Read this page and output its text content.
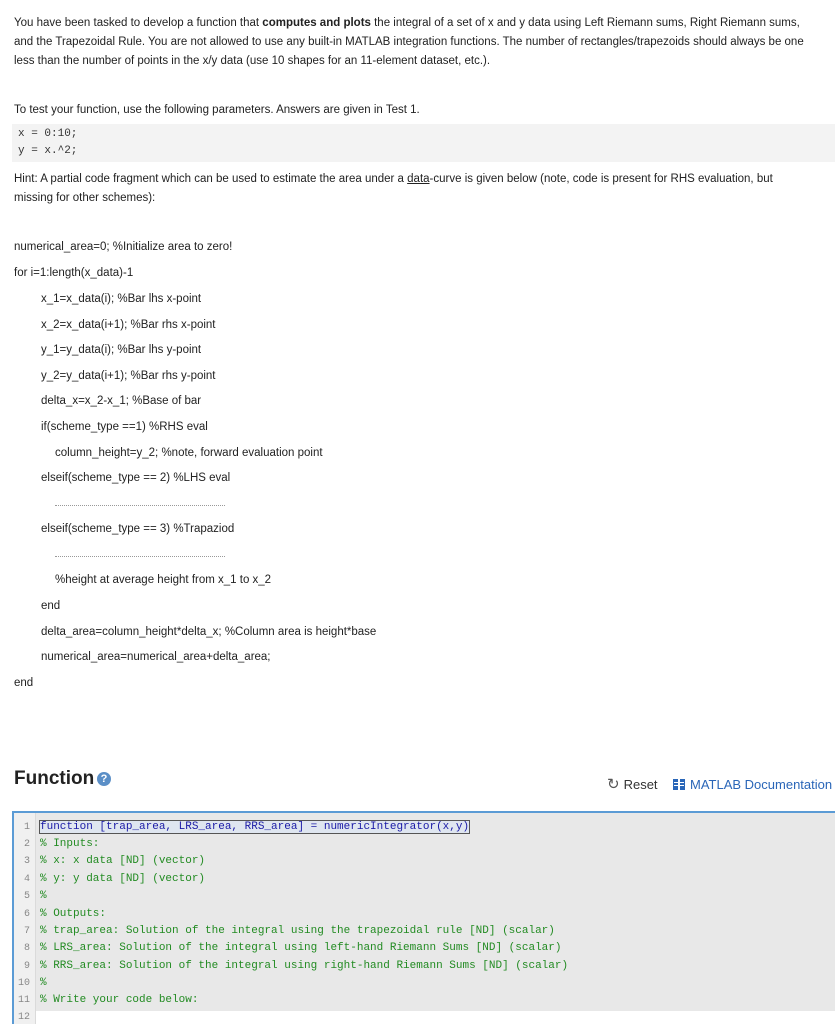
You have been tasked to develop a function that computes and plots the integral of a set of x and y data using Left Riemann sums, Right Riemann sums, and the Trapezoidal Rule. You are not allowed to use any built-in MATLAB integration functions. The number of rectangles/trapezoids should always be one less than the number of points in the x/y data (use 10 shapes for an 11-element dataset, etc.).
To test your function, use the following parameters. Answers are given in Test 1.
x = 0:10;
y = x.^2;
Hint: A partial code fragment which can be used to estimate the area under a data-curve is given below (note, code is present for RHS evaluation, but missing for other schemes):
numerical_area=0; %Initialize area to zero!
for i=1:length(x_data)-1
x_1=x_data(i); %Bar lhs x-point
x_2=x_data(i+1); %Bar rhs x-point
y_1=y_data(i); %Bar lhs y-point
y_2=y_data(i+1); %Bar rhs y-point
delta_x=x_2-x_1; %Base of bar
if(scheme_type ==1) %RHS eval
column_height=y_2; %note, forward evaluation point
elseif(scheme_type == 2) %LHS eval
elseif(scheme_type == 3) %Trapaziod
%height at average height from x_1 to x_2
end
delta_area=column_height*delta_x; %Column area is height*base
numerical_area=numerical_area+delta_area;
end
Function ?	↻ Reset MATLAB Documentation
1
2
3
4
5
6
7
8
9
10
11
12
function [trap_area, LRS_area, RRS_area] = numericIntegrator(x,y)
% Inputs:
% x: x data [ND] (vector)
% y: y data [ND] (vector)
%
% Outputs:
% trap_area: Solution of the integral using the trapezoidal rule [ND] (scalar)
% LRS_area: Solution of the integral using left-hand Riemann Sums [ND] (scalar)
% RRS_area: Solution of the integral using right-hand Riemann Sums [ND] (scalar)
%
% Write your code below:
